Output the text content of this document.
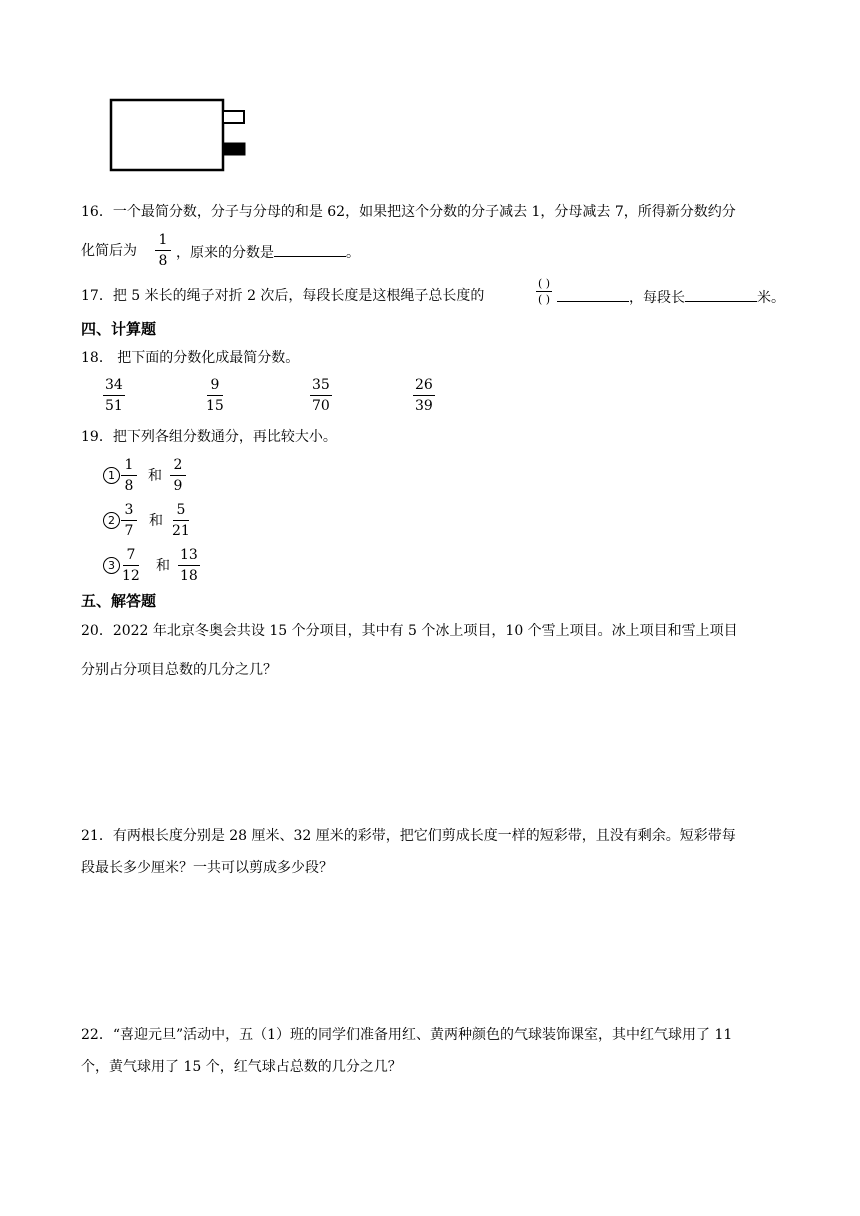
16．一个最简分数，分子与分母的和是 62，如果把这个分数的分子减去 1，分母减去 7，所得新分数约分
化简后为 $\frac{1}{8}$ ，原来的分数是	。
17．把 5 米长的绳子对折 2 次后，每段长度是这根绳子总长度的
( )
( )	，每段长	米。
四、计算题
18． 把下面的分数化成最简分数。
$\frac{34}{51}$	$\frac{9}{15}$	$\frac{35}{70}$	$\frac{26}{39}$
19．把下列各组分数通分，再比较大小。
$1 \frac{1}{8}$ 和 $\frac{2}{9}$
$2 \frac{3}{7}$ 和 $\frac{5}{21}$
$3 \frac{7}{12}$ 和 $\frac{13}{18}$
五、解答题
20．2022 年北京冬奥会共设 15 个分项目，其中有 5 个冰上项目，10 个雪上项目。冰上项目和雪上项目
分别占分项目总数的几分之几？
21．有两根长度分别是 28 厘米、32 厘米的彩带，把它们剪成长度一样的短彩带，且没有剩余。短彩带每
段最长多少厘米？一共可以剪成多少段？
22．“喜迎元旦”活动中，五（1）班的同学们准备用红、黄两种颜色的气球装饰课室，其中红气球用了 11
个，黄气球用了 15 个，红气球占总数的几分之几？
